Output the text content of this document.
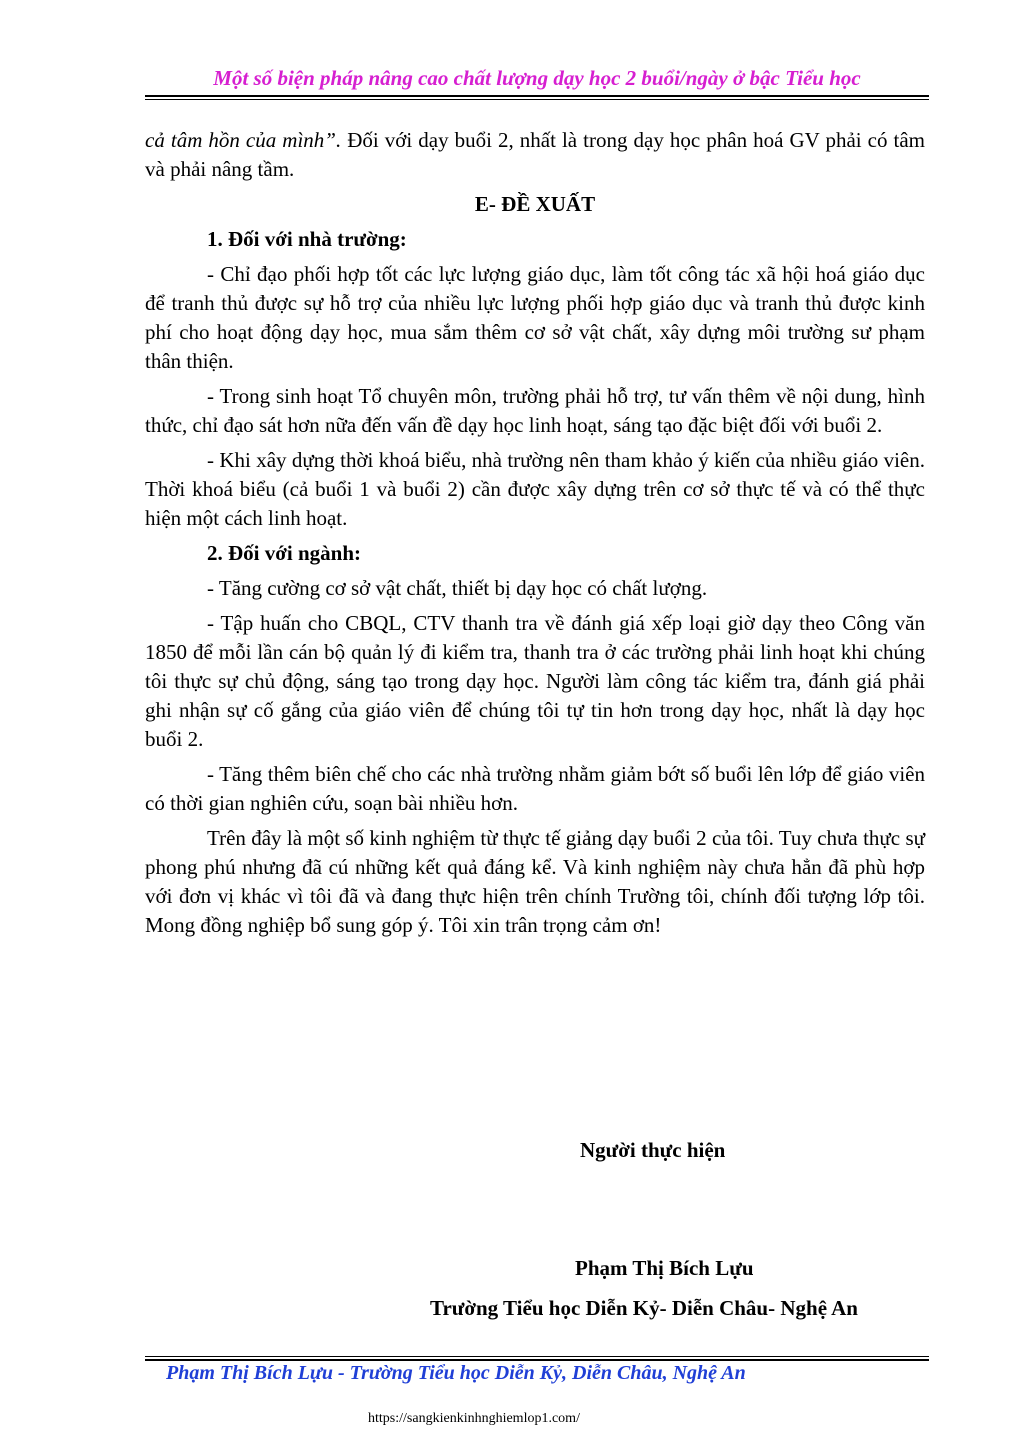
Một số biện pháp nâng cao chất lượng dạy học 2 buổi/ngày ở bậc Tiểu học

cả tâm hồn của mình”. Đối với dạy buổi 2, nhất là trong dạy học phân hoá GV phải có tâm và phải nâng tầm.

E- ĐỀ XUẤT
1. Đối với nhà trường:

- Chỉ đạo phối hợp tốt các lực lượng giáo dục, làm tốt công tác xã hội hoá giáo dục để tranh thủ được sự hỗ trợ của nhiều lực lượng phối hợp giáo dục và tranh thủ được kinh phí cho hoạt động dạy học, mua sắm thêm cơ sở vật chất, xây dựng môi trường sư phạm thân thiện.

- Trong sinh hoạt Tổ chuyên môn, trường phải hỗ trợ, tư vấn thêm về nội dung, hình thức, chỉ đạo sát hơn nữa đến vấn đề dạy học linh hoạt, sáng tạo đặc biệt đối với buổi 2.

- Khi xây dựng thời khoá biểu, nhà trường nên tham khảo ý kiến của nhiều giáo viên. Thời khoá biểu (cả buổi 1 và buổi 2) cần được xây dựng trên cơ sở thực tế và có thể thực hiện một cách linh hoạt.

2. Đối với ngành:

- Tăng cường cơ sở vật chất, thiết bị dạy học có chất lượng.

- Tập huấn cho CBQL, CTV thanh tra về đánh giá xếp loại giờ dạy theo Công văn 1850 để mỗi lần cán bộ quản lý đi kiểm tra, thanh tra ở các trường phải linh hoạt khi chúng tôi thực sự chủ động, sáng tạo trong dạy học. Người làm công tác kiểm tra, đánh giá phải ghi nhận sự cố gắng của giáo viên để chúng tôi tự tin hơn trong dạy học, nhất là dạy học buổi 2.

- Tăng thêm biên chế cho các nhà trường nhằm giảm bớt số buổi lên lớp để giáo viên có thời gian nghiên cứu, soạn bài nhiều hơn.

Trên đây là một số kinh nghiệm từ thực tế giảng dạy buổi 2 của tôi. Tuy chưa thực sự phong phú nhưng đã cú những kết quả đáng kể. Và kinh nghiệm này chưa hẳn đã phù hợp với đơn vị khác vì tôi đã và đang thực hiện trên chính Trường tôi, chính đối tượng lớp tôi. Mong đồng nghiệp bổ sung góp ý. Tôi xin trân trọng cảm ơn!

Người thực hiện
Phạm Thị Bích Lựu
Trường Tiểu học Diễn Kỷ- Diễn Châu- Nghệ An
Phạm Thị Bích Lựu - Trường Tiểu học Diễn Kỷ, Diễn Châu, Nghệ An
https://sangkienkinhnghiemlop1.com/
